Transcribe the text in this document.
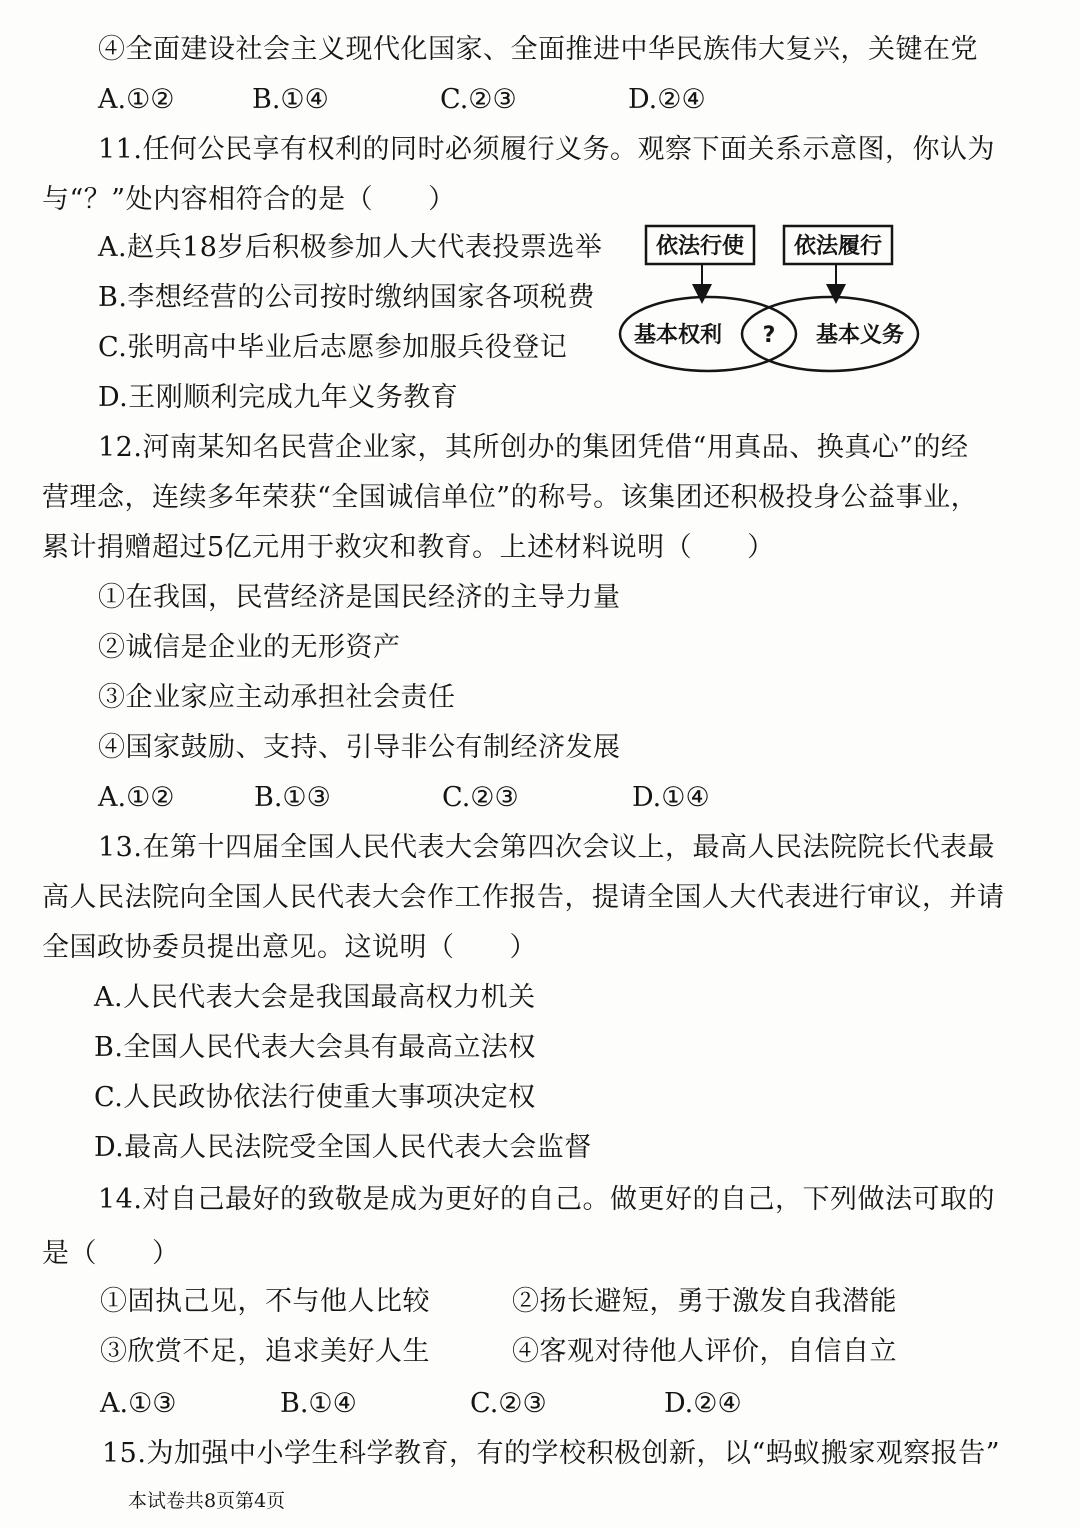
④全面建设社会主义现代化国家、全面推进中华民族伟大复兴，关键在党
A.①②	B.①④	C.②③	D.②④
11.任何公民享有权利的同时必须履行义务。观察下面关系示意图，你认为
与“？”处内容相符合的是（　　）
A.赵兵18岁后积极参加人大代表投票选举
B.李想经营的公司按时缴纳国家各项税费
C.张明高中毕业后志愿参加服兵役登记
D.王刚顺利完成九年义务教育
依法行使 依法履行
基本权利	基本义务
?
12.河南某知名民营企业家，其所创办的集团凭借“用真品、换真心”的经
营理念，连续多年荣获“全国诚信单位”的称号。该集团还积极投身公益事业，
累计捐赠超过5亿元用于救灾和教育。上述材料说明（　　）
①在我国，民营经济是国民经济的主导力量
②诚信是企业的无形资产
③企业家应主动承担社会责任
④国家鼓励、支持、引导非公有制经济发展
A.①②	B.①③	C.②③	D.①④
13.在第十四届全国人民代表大会第四次会议上，最高人民法院院长代表最
高人民法院向全国人民代表大会作工作报告，提请全国人大代表进行审议，并请
全国政协委员提出意见。这说明（　　）
A.人民代表大会是我国最高权力机关
B.全国人民代表大会具有最高立法权
C.人民政协依法行使重大事项决定权
D.最高人民法院受全国人民代表大会监督
14.对自己最好的致敬是成为更好的自己。做更好的自己，下列做法可取的
是（　　）
①固执己见，不与他人比较	②扬长避短，勇于激发自我潜能
③欣赏不足，追求美好人生	④客观对待他人评价，自信自立
A.①③	B.①④	C.②③	D.②④
15.为加强中小学生科学教育，有的学校积极创新，以“蚂蚁搬家观察报告”
本试卷共8页第4页
